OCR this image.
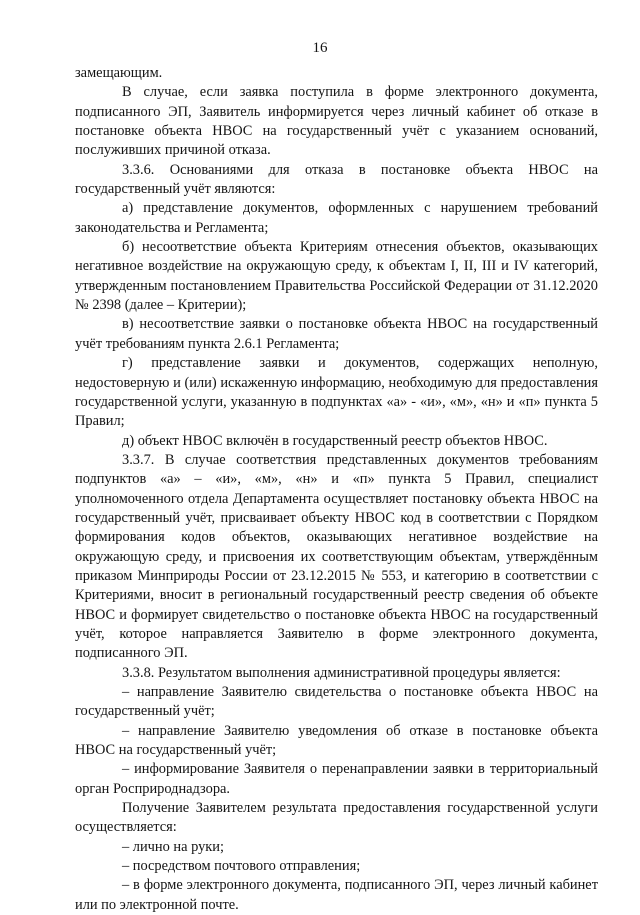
16

замещающим.

В случае, если заявка поступила в форме электронного документа, подписанного ЭП, Заявитель информируется через личный кабинет об отказе в постановке объекта НВОС на государственный учёт с указанием оснований, послуживших причиной отказа.

3.3.6. Основаниями для отказа в постановке объекта НВОС на государственный учёт являются:

а) представление документов, оформленных с нарушением требований законодательства и Регламента;

б) несоответствие объекта Критериям отнесения объектов, оказывающих негативное воздействие на окружающую среду, к объектам I, II, III и IV категорий, утвержденным постановлением Правительства Российской Федерации от 31.12.2020 № 2398 (далее – Критерии);

в) несоответствие заявки о постановке объекта НВОС на государственный учёт требованиям пункта 2.6.1 Регламента;

г) представление заявки и документов, содержащих неполную, недостоверную и (или) искаженную информацию, необходимую для предоставления государственной услуги, указанную в подпунктах «а» - «и», «м», «н» и «п» пункта 5 Правил;

д) объект НВОС включён в государственный реестр объектов НВОС.

3.3.7. В случае соответствия представленных документов требованиям подпунктов «а» – «и», «м», «н» и «п» пункта 5 Правил, специалист уполномоченного отдела Департамента осуществляет постановку объекта НВОС на государственный учёт, присваивает объекту НВОС код в соответствии с Порядком формирования кодов объектов, оказывающих негативное воздействие на окружающую среду, и присвоения их соответствующим объектам, утверждённым приказом Минприроды России от 23.12.2015 № 553, и категорию в соответствии с Критериями, вносит в региональный государственный реестр сведения об объекте НВОС и формирует свидетельство о постановке объекта НВОС на государственный учёт, которое направляется Заявителю в форме электронного документа, подписанного ЭП.

3.3.8. Результатом выполнения административной процедуры является:

– направление Заявителю свидетельства о постановке объекта НВОС на государственный учёт;

– направление Заявителю уведомления об отказе в постановке объекта НВОС на государственный учёт;

– информирование Заявителя о перенаправлении заявки в территориальный орган Росприроднадзора.

Получение Заявителем результата предоставления государственной услуги осуществляется:

– лично на руки;

– посредством почтового отправления;

– в форме электронного документа, подписанного ЭП, через личный кабинет или по электронной почте.
